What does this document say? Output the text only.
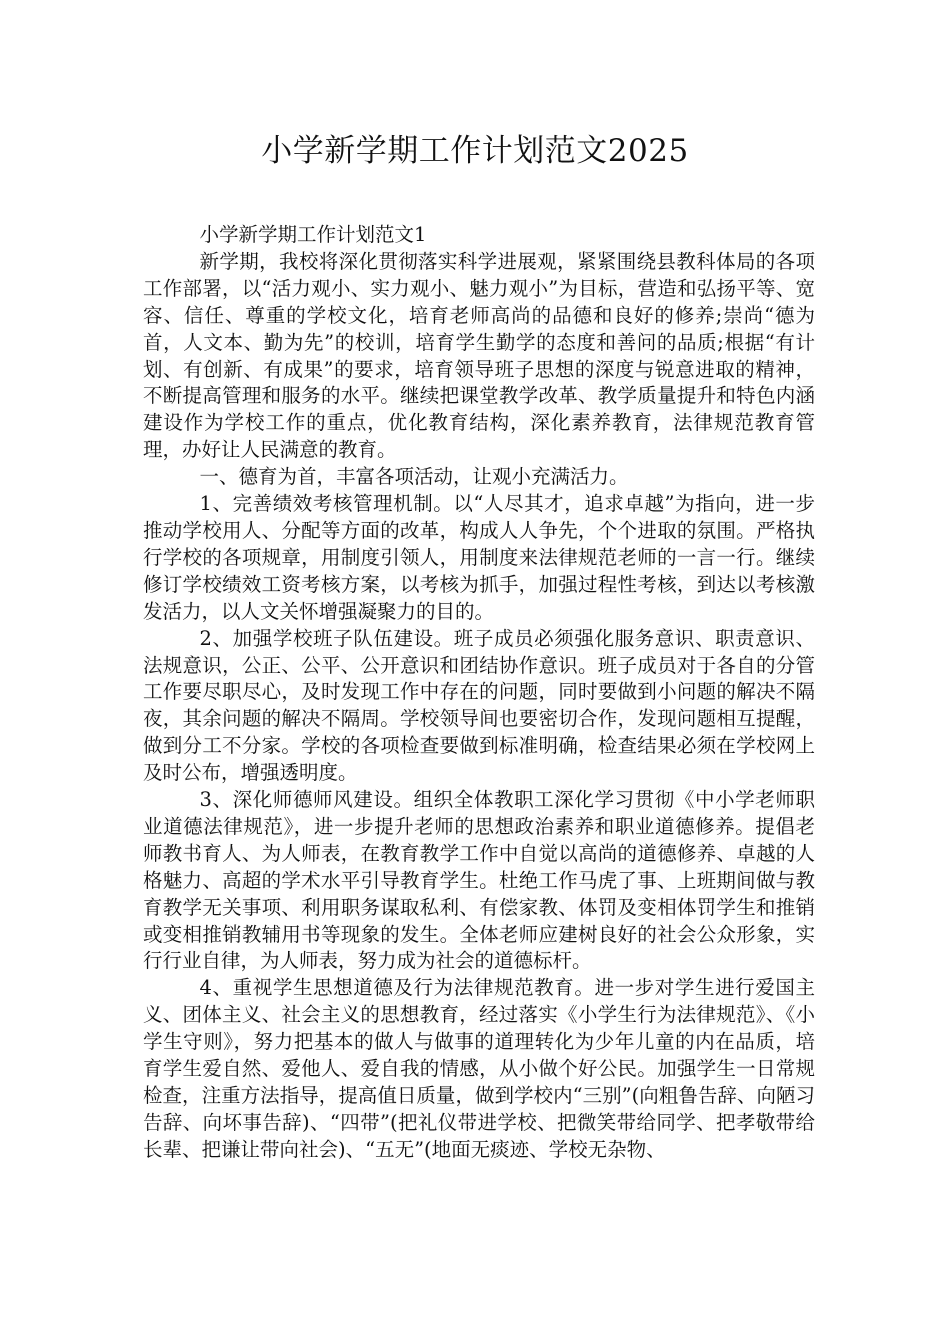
小学新学期工作计划范文2025

小学新学期工作计划范文1

新学期，我校将深化贯彻落实科学进展观，紧紧围绕县教科体局的各项工作部署，以“活力观小、实力观小、魅力观小”为目标，营造和弘扬平等、宽容、信任、尊重的学校文化，培育老师高尚的品德和良好的修养;崇尚“德为首，人文本、勤为先”的校训，培育学生勤学的态度和善问的品质;根据“有计划、有创新、有成果”的要求，培育领导班子思想的深度与锐意进取的精神，不断提高管理和服务的水平。继续把课堂教学改革、教学质量提升和特色内涵建设作为学校工作的重点，优化教育结构，深化素养教育，法律规范教育管理，办好让人民满意的教育。

一、德育为首，丰富各项活动，让观小充满活力。

1、完善绩效考核管理机制。以“人尽其才，追求卓越”为指向，进一步推动学校用人、分配等方面的改革，构成人人争先，个个进取的氛围。严格执行学校的各项规章，用制度引领人，用制度来法律规范老师的一言一行。继续修订学校绩效工资考核方案，以考核为抓手，加强过程性考核，到达以考核激发活力，以人文关怀增强凝聚力的目的。

2、加强学校班子队伍建设。班子成员必须强化服务意识、职责意识、法规意识，公正、公平、公开意识和团结协作意识。班子成员对于各自的分管工作要尽职尽心，及时发现工作中存在的问题，同时要做到小问题的解决不隔夜，其余问题的解决不隔周。学校领导间也要密切合作，发现问题相互提醒，做到分工不分家。学校的各项检查要做到标准明确，检查结果必须在学校网上及时公布，增强透明度。

3、深化师德师风建设。组织全体教职工深化学习贯彻《中小学老师职业道德法律规范》，进一步提升老师的思想政治素养和职业道德修养。提倡老师教书育人、为人师表，在教育教学工作中自觉以高尚的道德修养、卓越的人格魅力、高超的学术水平引导教育学生。杜绝工作马虎了事、上班期间做与教育教学无关事项、利用职务谋取私利、有偿家教、体罚及变相体罚学生和推销或变相推销教辅用书等现象的发生。全体老师应建树良好的社会公众形象，实行行业自律，为人师表，努力成为社会的道德标杆。

4、重视学生思想道德及行为法律规范教育。进一步对学生进行爱国主义、团体主义、社会主义的思想教育，经过落实《小学生行为法律规范》、《小学生守则》，努力把基本的做人与做事的道理转化为少年儿童的内在品质，培育学生爱自然、爱他人、爱自我的情感，从小做个好公民。加强学生一日常规检查，注重方法指导，提高值日质量，做到学校内“三别”(向粗鲁告辞、向陋习告辞、向坏事告辞)、“四带”(把礼仪带进学校、把微笑带给同学、把孝敬带给长辈、把谦让带向社会)、“五无”(地面无痰迹、学校无杂物、
